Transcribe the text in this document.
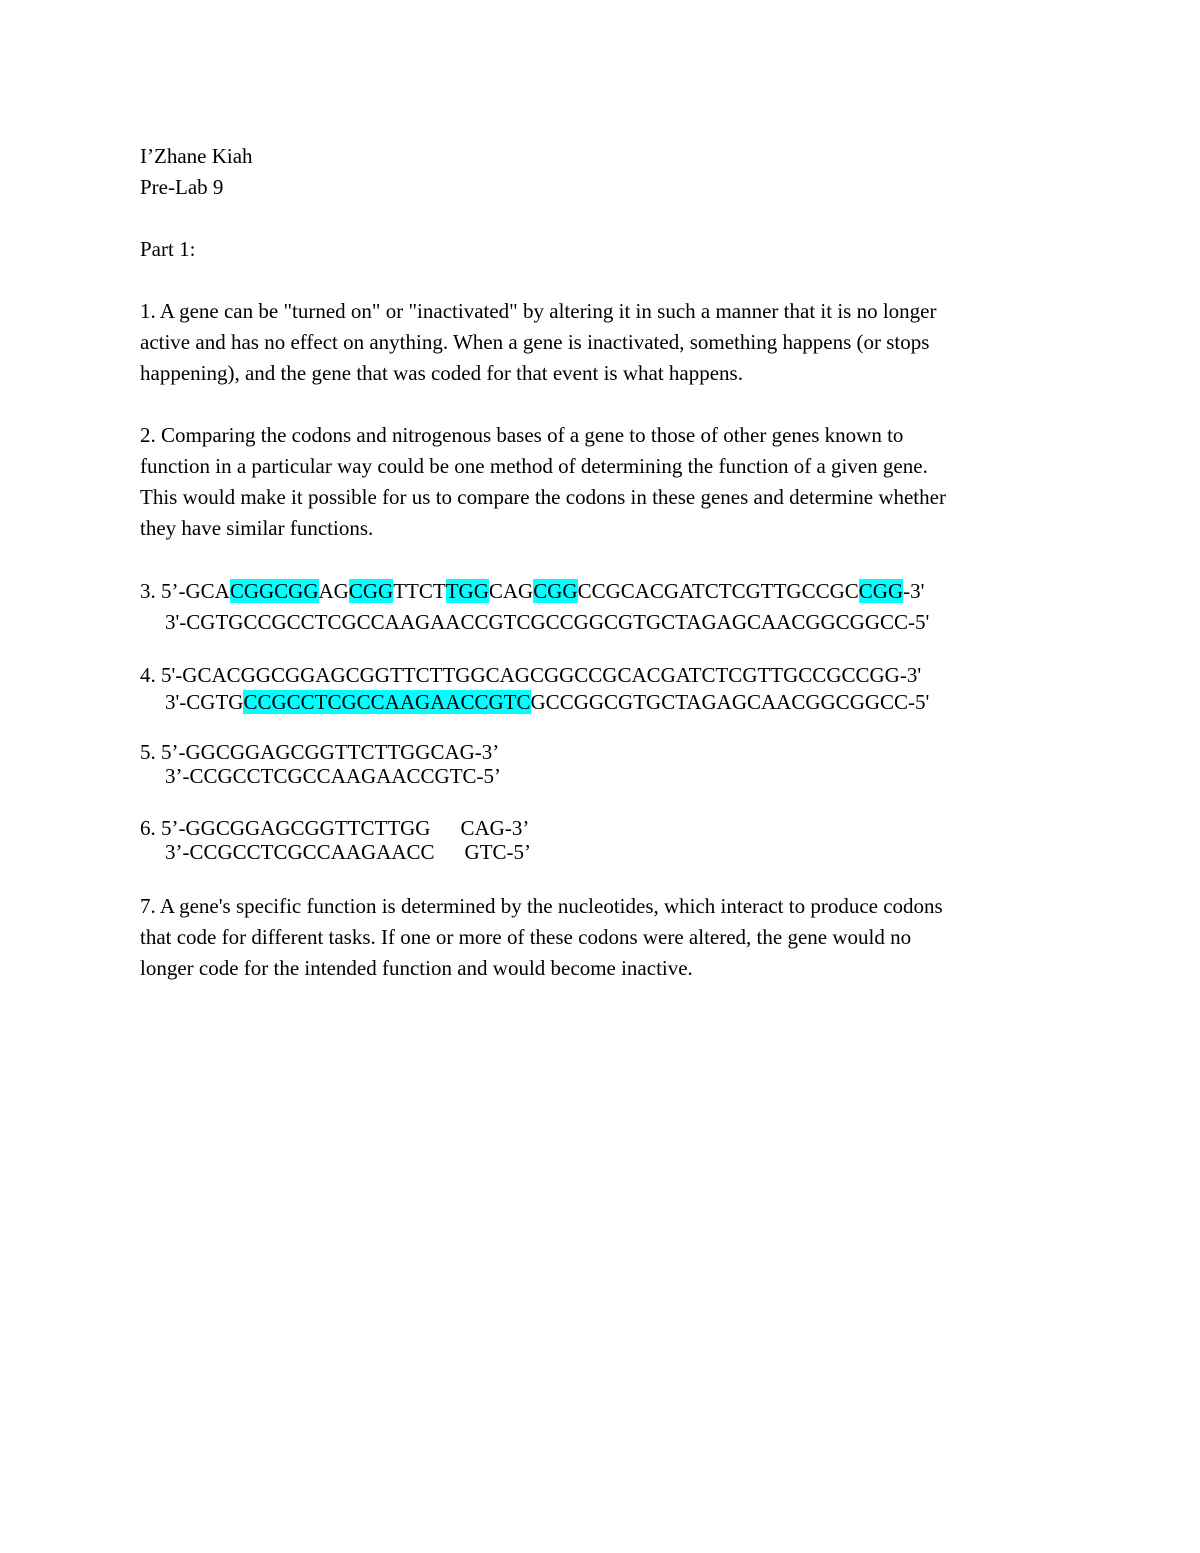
I’Zhane Kiah
Pre-Lab 9
Part 1:
1. A gene can be "turned on" or "inactivated" by altering it in such a manner that it is no longer
active and has no effect on anything. When a gene is inactivated, something happens (or stops
happening), and the gene that was coded for that event is what happens.
2. Comparing the codons and nitrogenous bases of a gene to those of other genes known to
function in a particular way could be one method of determining the function of a given gene.
This would make it possible for us to compare the codons in these genes and determine whether
they have similar functions.
3. 5’-GCACGGCGGAGCGGTTCTTGGCAGCGGCCGCACGATCTCGTTGCCGCCGG-3'
3'-CGTGCCGCCTCGCCAAGAACCGTCGCCGGCGTGCTAGAGCAACGGCGGCC-5'
4. 5'-GCACGGCGGAGCGGTTCTTGGCAGCGGCCGCACGATCTCGTTGCCGCCGG-3'
3'-CGTGCCGCCTCGCCAAGAACCGTCGCCGGCGTGCTAGAGCAACGGCGGCC-5'
5. 5’-GGCGGAGCGGTTCTTGGCAG-3’
3’-CCGCCTCGCCAAGAACCGTC-5’
6. 5’-GGCGGAGCGGTTCTTGG CAG-3’
3’-CCGCCTCGCCAAGAACC GTC-5’
7. A gene's specific function is determined by the nucleotides, which interact to produce codons
that code for different tasks. If one or more of these codons were altered, the gene would no
longer code for the intended function and would become inactive.
